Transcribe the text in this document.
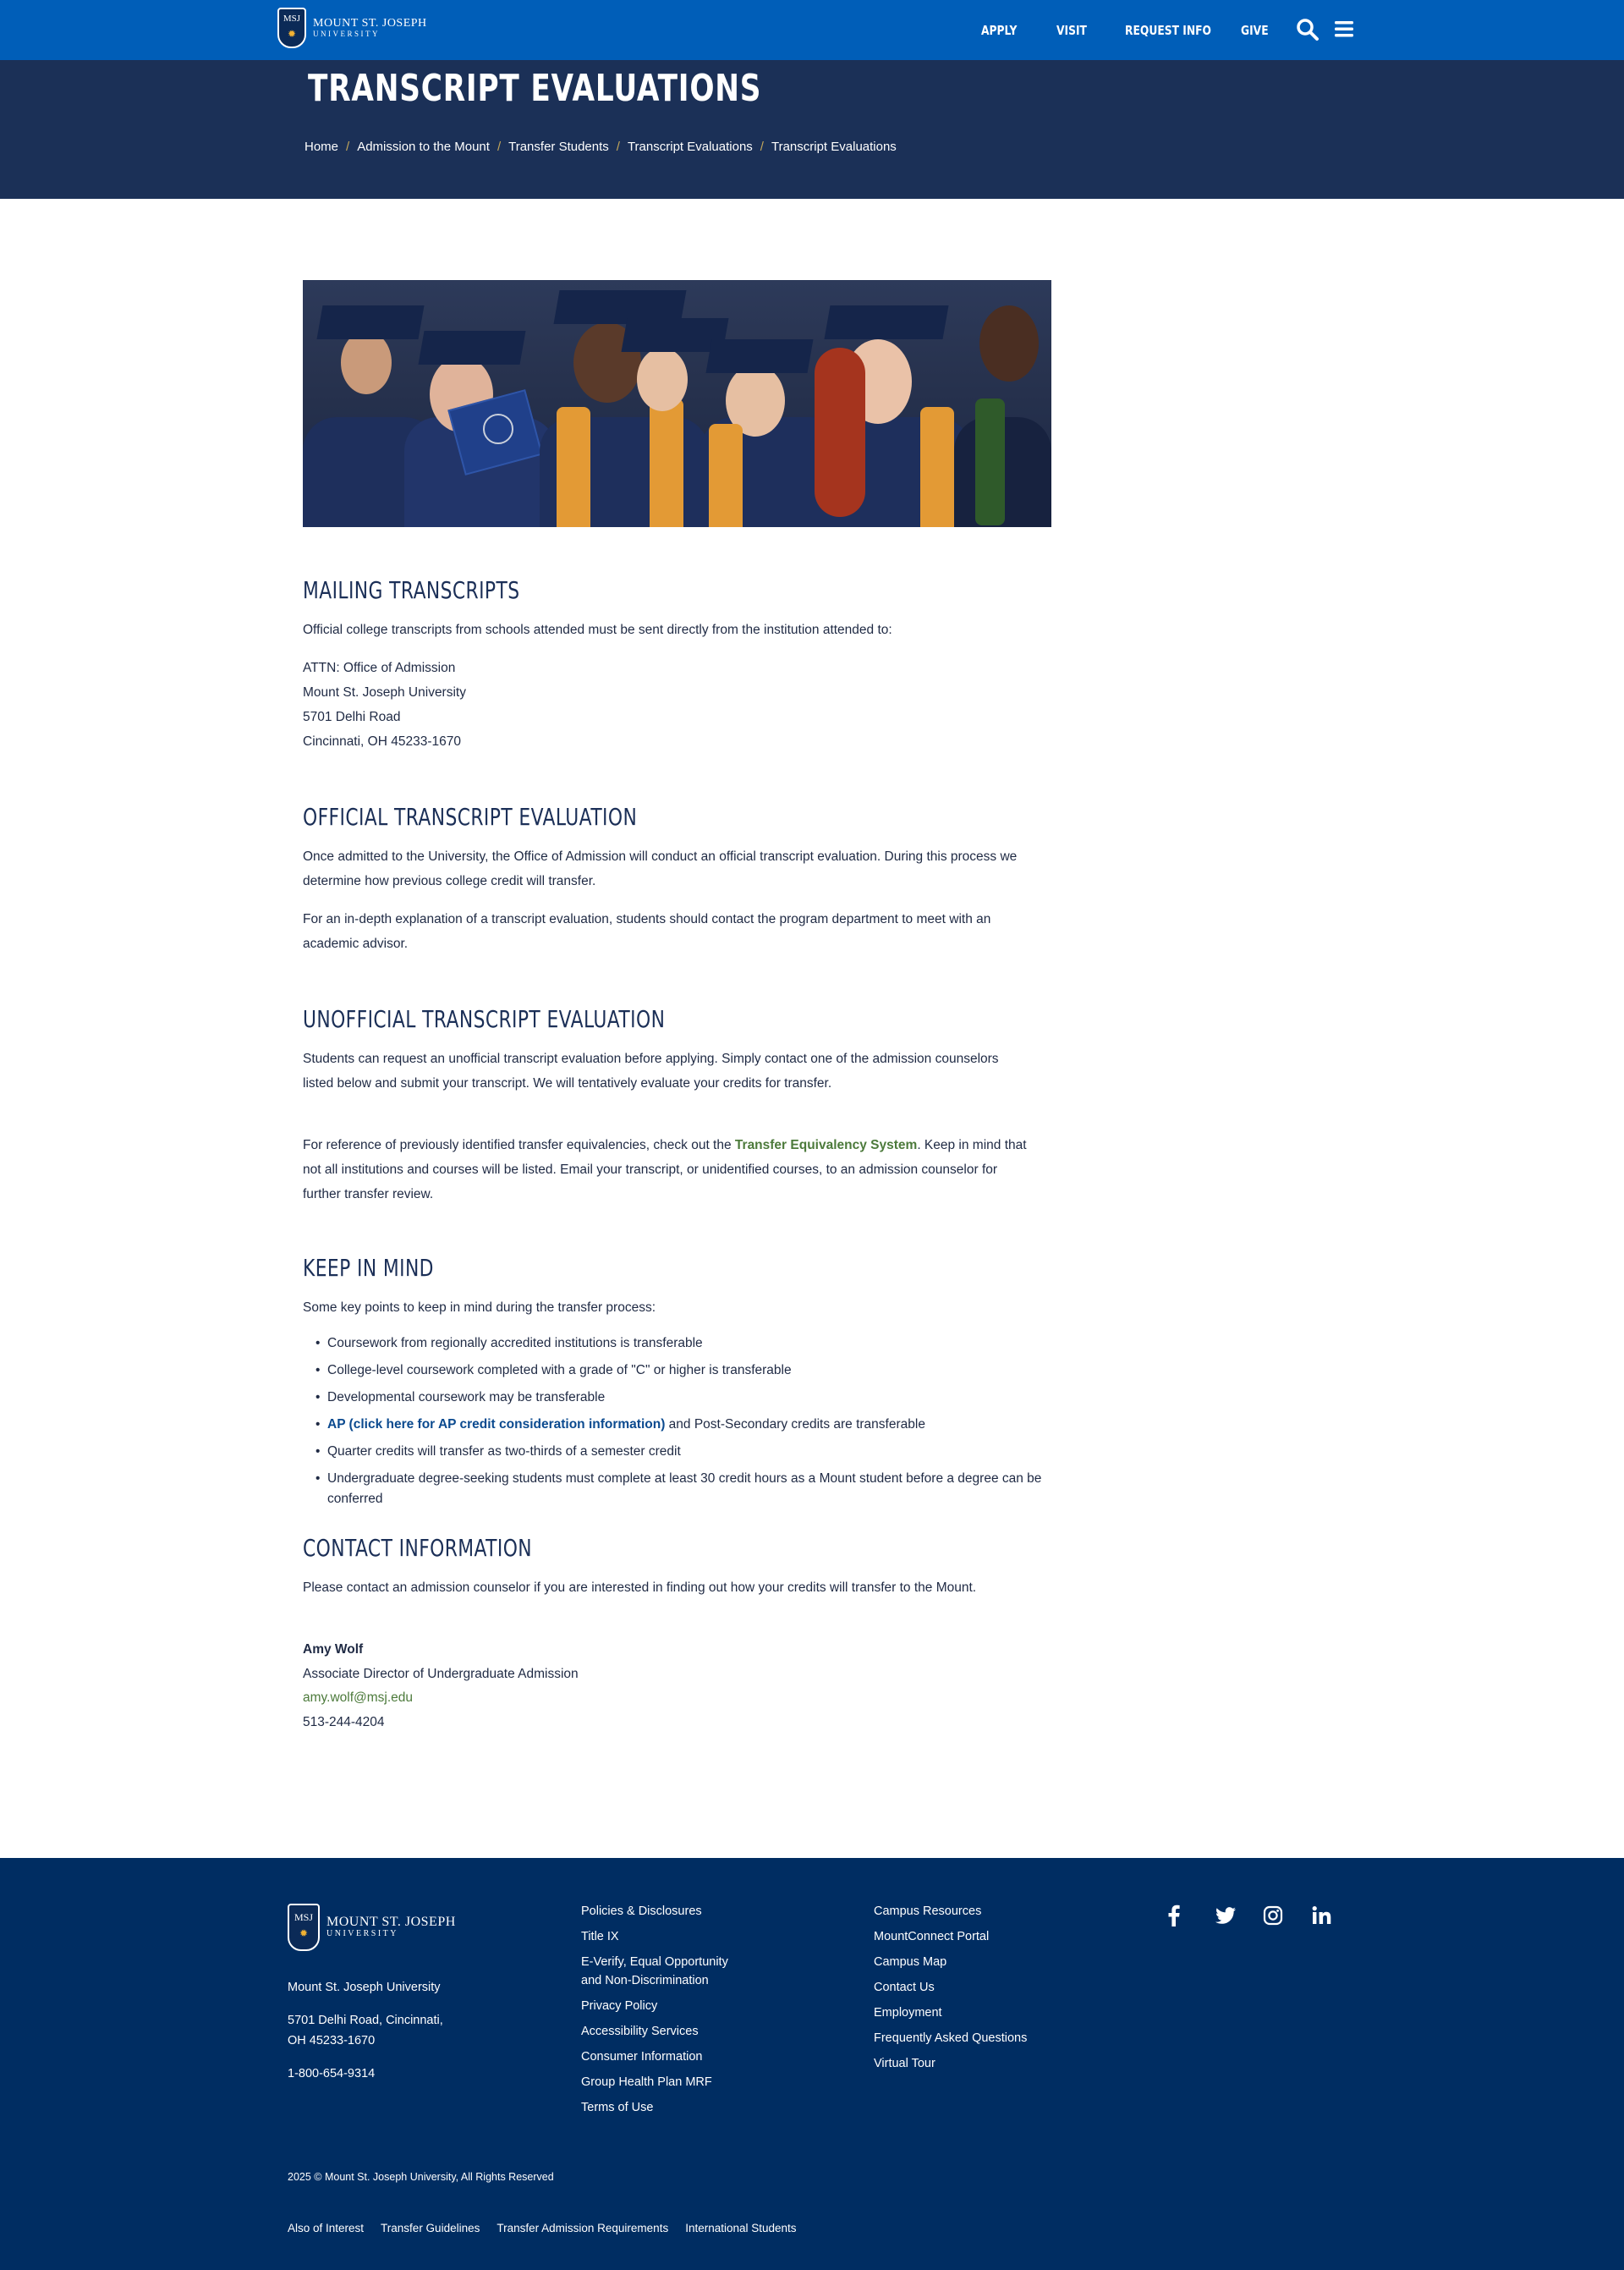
MSJ
✹
MOUNT ST. JOSEPH
UNIVERSITY	APPLY	VISIT	REQUEST INFO GIVE
TRANSCRIPT EVALUATIONS
Home / Admission to the Mount / Transfer Students / Transcript Evaluations / Transcript Evaluations
MAILING TRANSCRIPTS

Official college transcripts from schools attended must be sent directly from the institution attended to:

ATTN: Office of Admission

Mount St. Joseph University

5701 Delhi Road

Cincinnati, OH 45233-1670

OFFICIAL TRANSCRIPT EVALUATION

Once admitted to the University, the Office of Admission will conduct an official transcript evaluation. During this process we determine how previous college credit will transfer.

For an in-depth explanation of a transcript evaluation, students should contact the program department to meet with an academic advisor.

UNOFFICIAL TRANSCRIPT EVALUATION

Students can request an unofficial transcript evaluation before applying. Simply contact one of the admission counselors listed below and submit your transcript. We will tentatively evaluate your credits for transfer.

For reference of previously identified transfer equivalencies, check out the Transfer Equivalency System. Keep in mind that not all institutions and courses will be listed. Email your transcript, or unidentified courses, to an admission counselor for further transfer review.

KEEP IN MIND

Some key points to keep in mind during the transfer process:

• Coursework from regionally accredited institutions is transferable
• College-level coursework completed with a grade of "C" or higher is transferable
• Developmental coursework may be transferable
• AP (click here for AP credit consideration information) and Post-Secondary credits are transferable
• Quarter credits will transfer as two-thirds of a semester credit
• Undergraduate degree-seeking students must complete at least 30 credit hours as a Mount student before a degree can be conferred
CONTACT INFORMATION

Please contact an admission counselor if you are interested in finding out how your credits will transfer to the Mount.

Amy Wolf

Associate Director of Undergraduate Admission

amy.wolf@msj.edu

513-244-4204

MSJ
✹
MOUNT ST. JOSEPH
UNIVERSITY
Mount St. Joseph University
5701 Delhi Road, Cincinnati,
OH 45233-1670
1-800-654-9314
Policies & Disclosures
Title IX
E-Verify, Equal Opportunity
and Non-Discrimination
Privacy Policy
Accessibility Services
Consumer Information
Group Health Plan MRF
Terms of Use
Campus Resources
MountConnect Portal
Campus Map
Contact Us
Employment
Frequently Asked Questions
Virtual Tour
2025 © Mount St. Joseph University, All Rights Reserved
Also of Interest Transfer Guidelines Transfer Admission Requirements International Students
